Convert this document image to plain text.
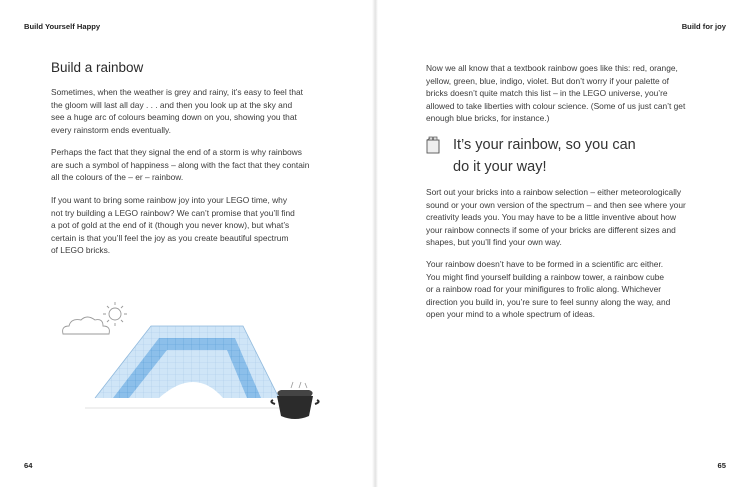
Build Yourself Happy	Build for joy
Build a rainbow

Sometimes, when the weather is grey and rainy, it’s easy to feel that
the gloom will last all day . . . and then you look up at the sky and
see a huge arc of colours beaming down on you, showing you that
every rainstorm ends eventually.

Perhaps the fact that they signal the end of a storm is why rainbows
are such a symbol of happiness – along with the fact that they contain
all the colours of the – er – rainbow.

If you want to bring some rainbow joy into your LEGO time, why
not try building a LEGO rainbow? We can’t promise that you’ll find
a pot of gold at the end of it (though you never know), but what’s
certain is that you’ll feel the joy as you create beautiful spectrum
of LEGO bricks.

64

Now we all know that a textbook rainbow goes like this: red, orange,
yellow, green, blue, indigo, violet. But don’t worry if your palette of
bricks doesn’t quite match this list – in the LEGO universe, you’re
allowed to take liberties with colour science. (Some of us just can’t get
enough blue bricks, for instance.)

It’s your rainbow, so you can
do it your way!

Sort out your bricks into a rainbow selection – either meteorologically
sound or your own version of the spectrum – and then see where your
creativity leads you. You may have to be a little inventive about how
your rainbow connects if some of your bricks are different sizes and
shapes, but you’ll find your own way.

Your rainbow doesn’t have to be formed in a scientific arc either.
You might find yourself building a rainbow tower, a rainbow cube
or a rainbow road for your minifigures to frolic along. Whichever
direction you build in, you’re sure to feel sunny along the way, and
open your mind to a whole spectrum of ideas.

65
